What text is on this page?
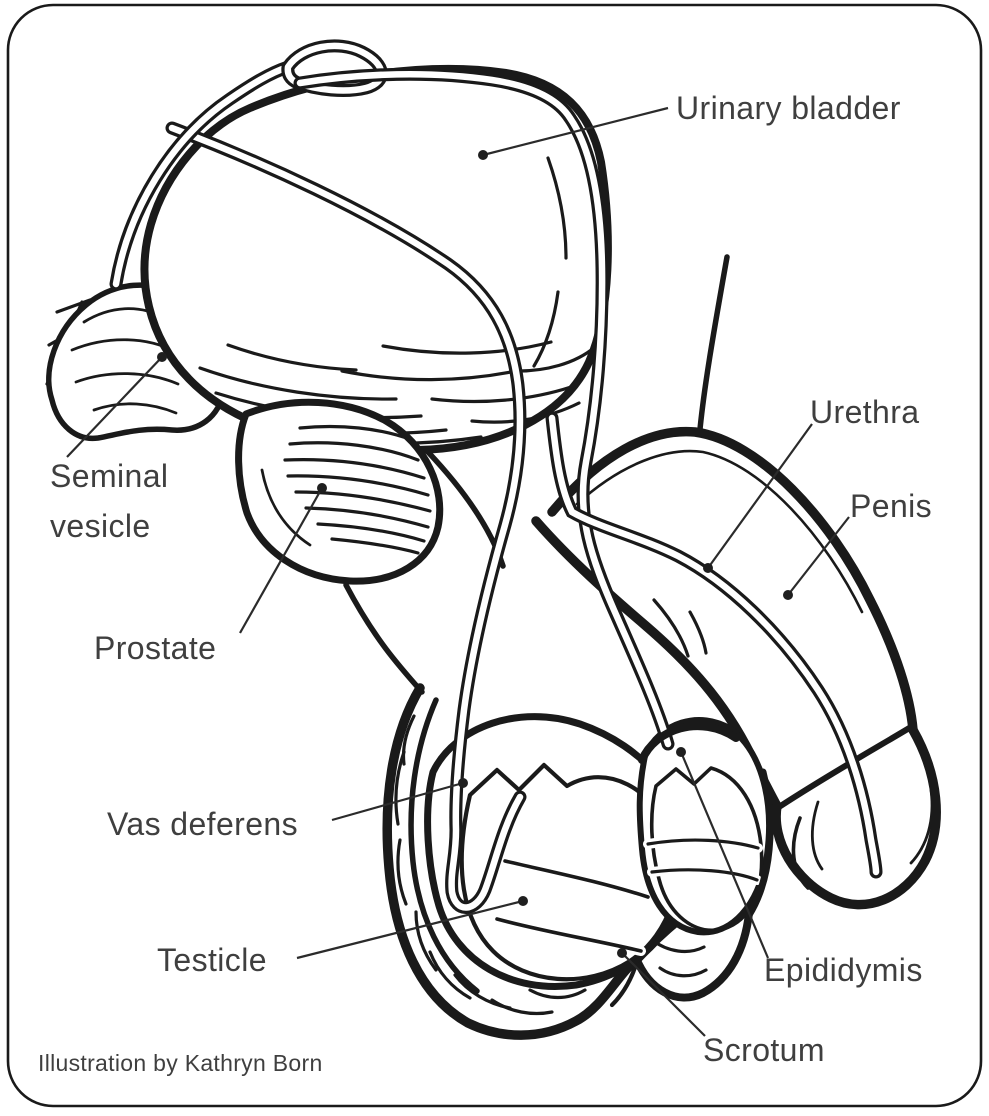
Urinary bladder
Urethra
Penis
Seminal vesicle
Prostate
Vas deferens
Testicle	Epididymis
Scrotum
Illustration by Kathryn Born
